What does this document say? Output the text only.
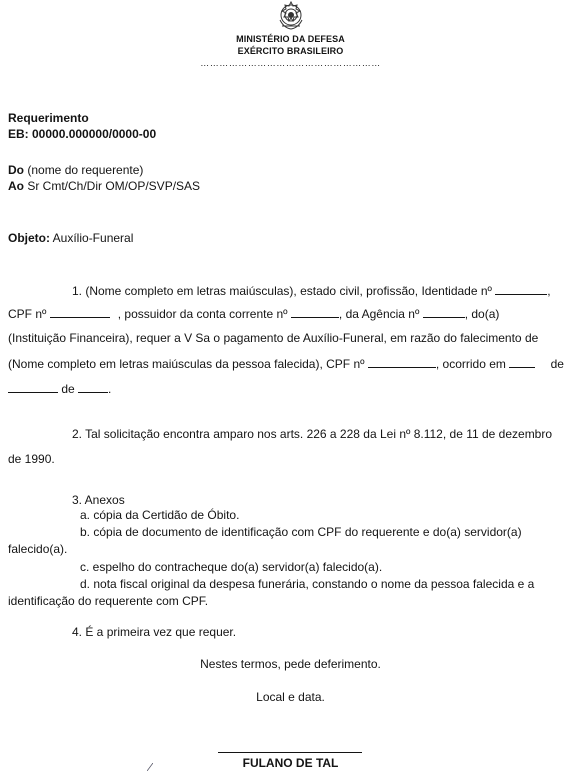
MINISTÉRIO DA DEFESA
EXÉRCITO BRASILEIRO
…………………………………………………
Requerimento
EB: 00000.000000/0000-00
Do (nome do requerente)
Ao Sr Cmt/Ch/Dir OM/OP/SVP/SAS
Objeto: Auxílio-Funeral
1. (Nome completo em letras maiúsculas), estado civil, profissão, Identidade nº	,
CPF nº	, possuidor da conta corrente nº	, da Agência nº	, do(a)
(Instituição Financeira), requer a V Sa o pagamento de Auxílio-Funeral, em razão do falecimento de
(Nome completo em letras maiúsculas da pessoa falecida), CPF nº	, ocorrido em	de
de	.
2. Tal solicitação encontra amparo nos arts. 226 a 228 da Lei nº 8.112, de 11 de dezembro
de 1990.
3. Anexos
a. cópia da Certidão de Óbito.
b. cópia de documento de identificação com CPF do requerente e do(a) servidor(a)
falecido(a).
c. espelho do contracheque do(a) servidor(a) falecido(a).
d. nota fiscal original da despesa funerária, constando o nome da pessoa falecida e a
identificação do requerente com CPF.
4. É a primeira vez que requer.
Nestes termos, pede deferimento.
Local e data.
FULANO DE TAL
